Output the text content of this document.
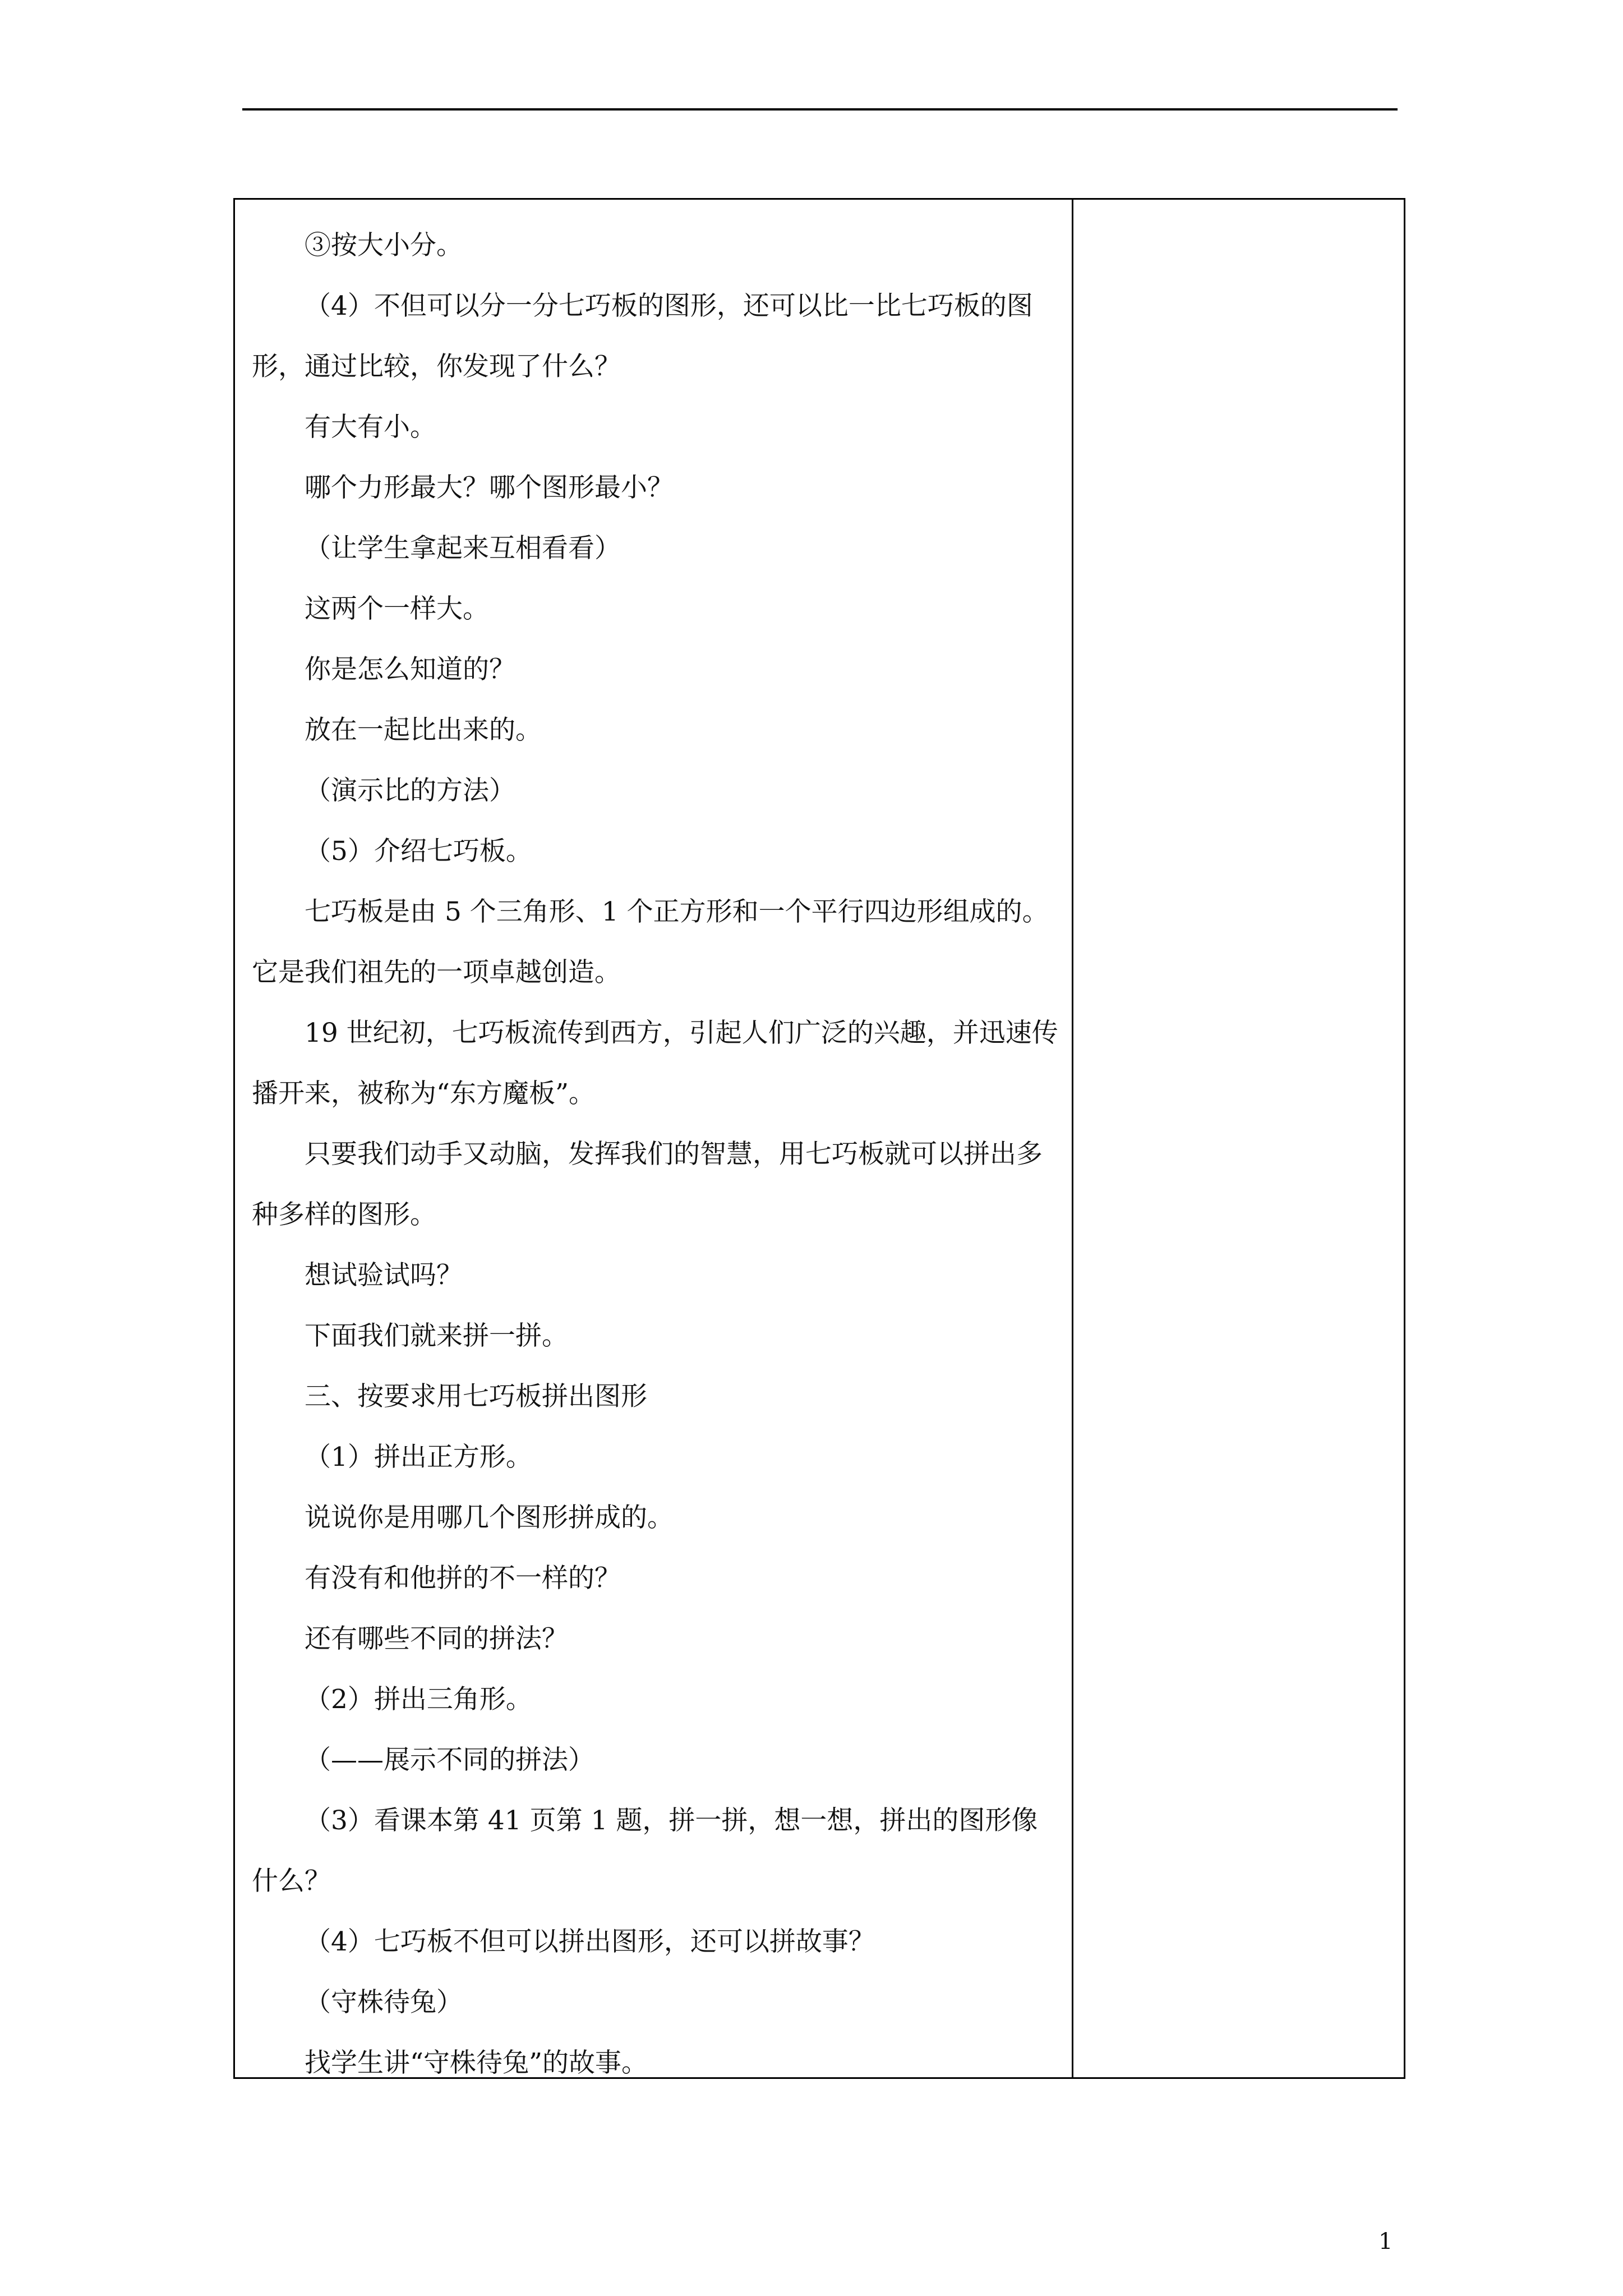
③按大小分。

（4）不但可以分一分七巧板的图形，还可以比一比七巧板的图形，通过比较，你发现了什么？

有大有小。

哪个力形最大？哪个图形最小？

（让学生拿起来互相看看）

这两个一样大。

你是怎么知道的？

放在一起比出来的。

（演示比的方法）

（5）介绍七巧板。

七巧板是由 5 个三角形、1 个正方形和一个平行四边形组成的。它是我们祖先的一项卓越创造。

19 世纪初，七巧板流传到西方，引起人们广泛的兴趣，并迅速传播开来，被称为“东方魔板”。

只要我们动手又动脑，发挥我们的智慧，用七巧板就可以拼出多种多样的图形。

想试验试吗？

下面我们就来拼一拼。

三、按要求用七巧板拼出图形

（1）拼出正方形。

说说你是用哪几个图形拼成的。

有没有和他拼的不一样的？

还有哪些不同的拼法？

（2）拼出三角形。

（——展示不同的拼法）

（3）看课本第 41 页第 1 题，拼一拼，想一想，拼出的图形像什么？

（4）七巧板不但可以拼出图形，还可以拼故事？

（守株待兔）

找学生讲“守株待兔”的故事。

1
